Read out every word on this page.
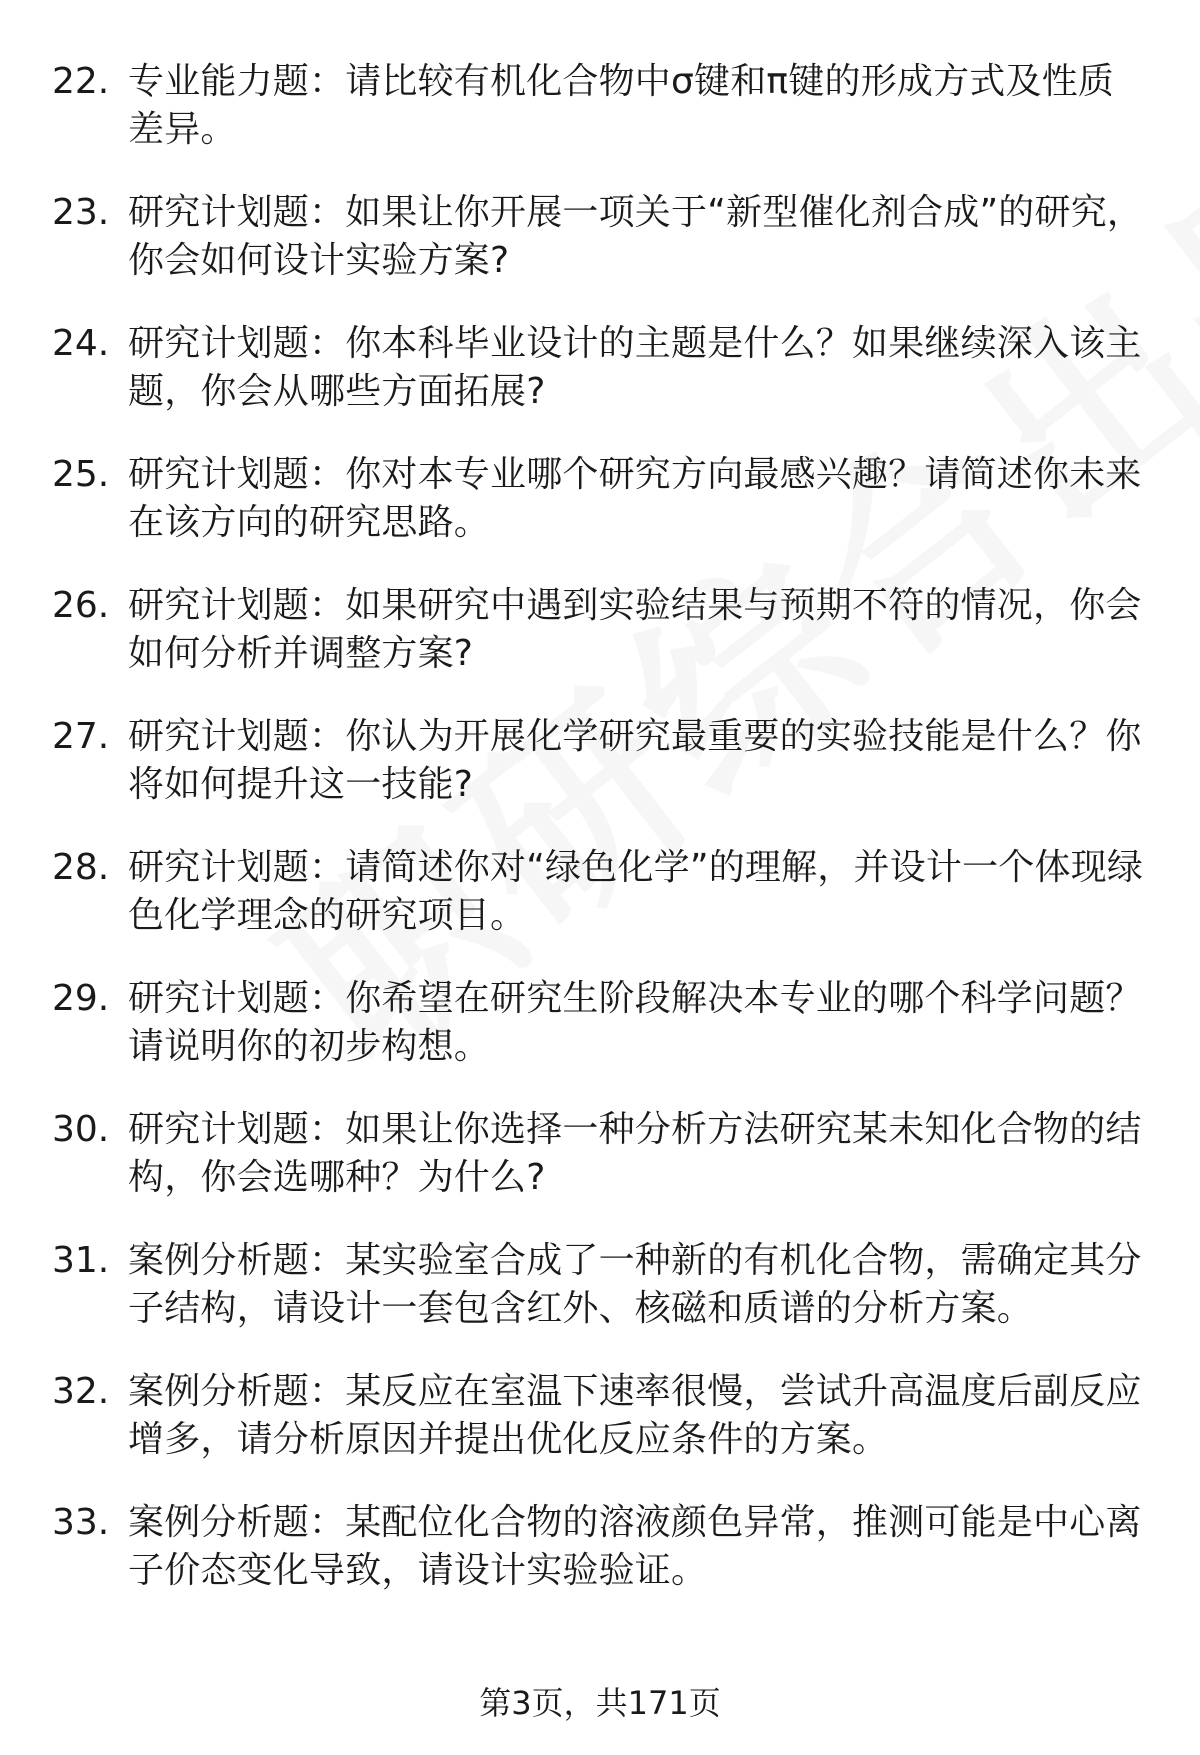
22. 专业能力题：请比较有机化合物中σ键和π键的形成方式及性质差异。
23. 研究计划题：如果让你开展一项关于“新型催化剂合成”的研究，你会如何设计实验方案?
24. 研究计划题：你本科毕业设计的主题是什么？如果继续深入该主题，你会从哪些方面拓展?
25. 研究计划题：你对本专业哪个研究方向最感兴趣？请简述你未来在该方向的研究思路。
26. 研究计划题：如果研究中遇到实验结果与预期不符的情况，你会如何分析并调整方案?
27. 研究计划题：你认为开展化学研究最重要的实验技能是什么？你将如何提升这一技能?
28. 研究计划题：请简述你对“绿色化学”的理解，并设计一个体现绿色化学理念的研究项目。
29. 研究计划题：你希望在研究生阶段解决本专业的哪个科学问题？请说明你的初步构想。
30. 研究计划题：如果让你选择一种分析方法研究某未知化合物的结构，你会选哪种？为什么?
31. 案例分析题：某实验室合成了一种新的有机化合物，需确定其分子结构，请设计一套包含红外、核磁和质谱的分析方案。
32. 案例分析题：某反应在室温下速率很慢，尝试升高温度后副反应增多，请分析原因并提出优化反应条件的方案。
33. 案例分析题：某配位化合物的溶液颜色异常，推测可能是中心离子价态变化导致，请设计实验验证。
第3页，共171页
